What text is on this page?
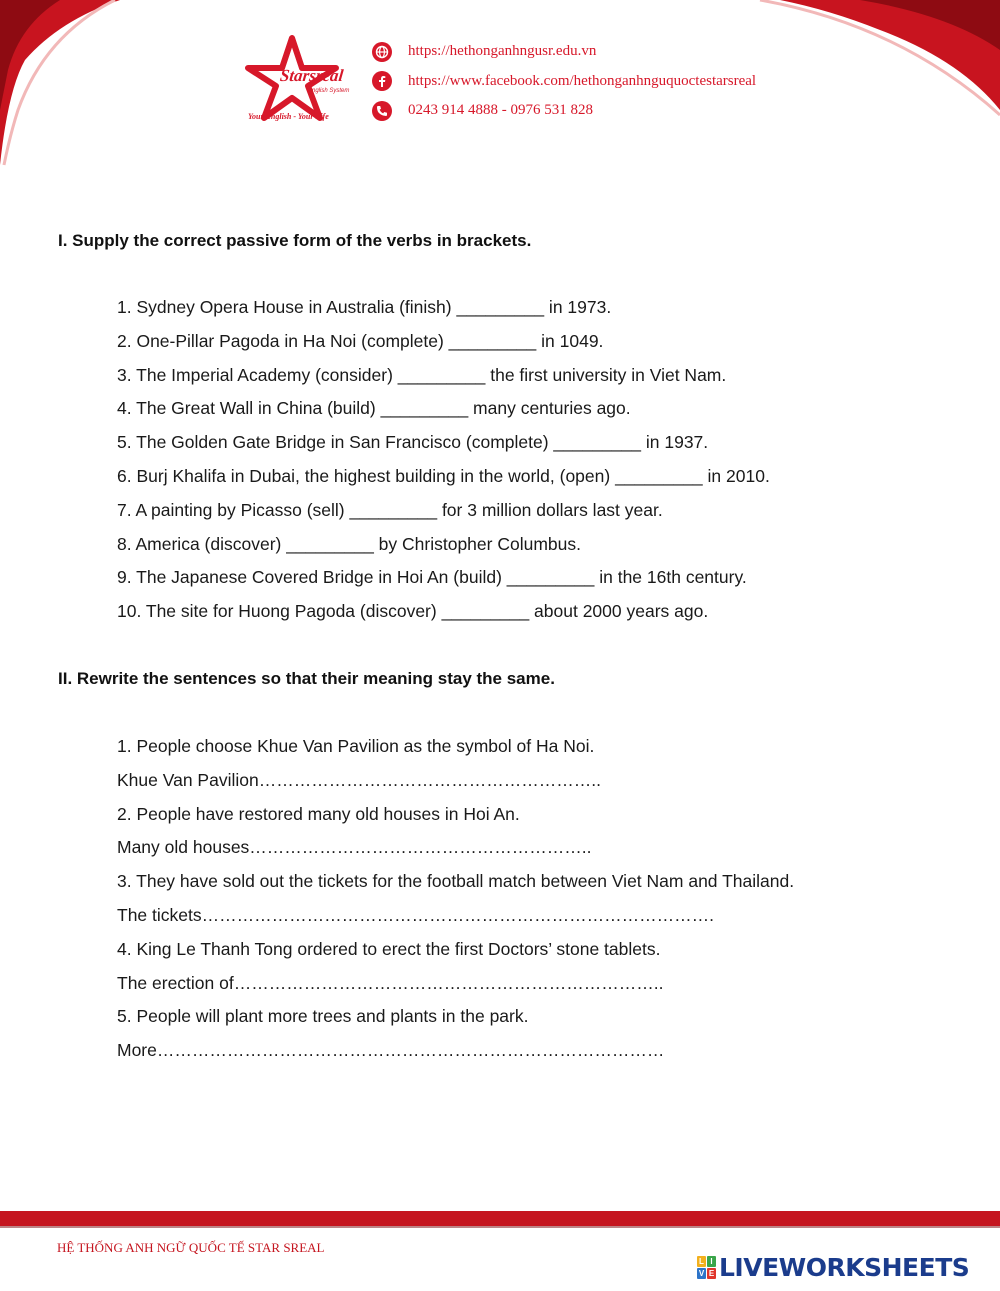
Starsreal
English System
Your English - Your Life
https://hethonganhngusr.edu.vn
https://www.facebook.com/hethonganhnguquoctestarsreal
0243 914 4888 - 0976 531 828
I. Supply the correct passive form of the verbs in brackets.
1. Sydney Opera House in Australia (finish) _________ in 1973.
2. One-Pillar Pagoda in Ha Noi (complete) _________ in 1049.
3. The Imperial Academy (consider) _________ the first university in Viet Nam.
4. The Great Wall in China (build) _________ many centuries ago.
5. The Golden Gate Bridge in San Francisco (complete) _________ in 1937.
6. Burj Khalifa in Dubai, the highest building in the world, (open) _________ in 2010.
7. A painting by Picasso (sell) _________ for 3 million dollars last year.
8. America (discover) _________ by Christopher Columbus.
9. The Japanese Covered Bridge in Hoi An (build) _________ in the 16th century.
10. The site for Huong Pagoda (discover) _________ about 2000 years ago.
II. Rewrite the sentences so that their meaning stay the same.
1. People choose Khue Van Pavilion as the symbol of Ha Noi.
Khue Van Pavilion…………………………………………………..
2. People have restored many old houses in Hoi An.
Many old houses…………………………………………………..
3. They have sold out the tickets for the football match between Viet Nam and Thailand.
The tickets…………………………………………………………………………….
4. King Le Thanh Tong ordered to erect the first Doctors’ stone tablets.
The erection of………………………………………………………………..
5. People will plant more trees and plants in the park.
More……………………………………………………………………………
HỆ THỐNG ANH NGỮ QUỐC TẾ STAR SREAL
L I
V E LIVEWORKSHEETS
